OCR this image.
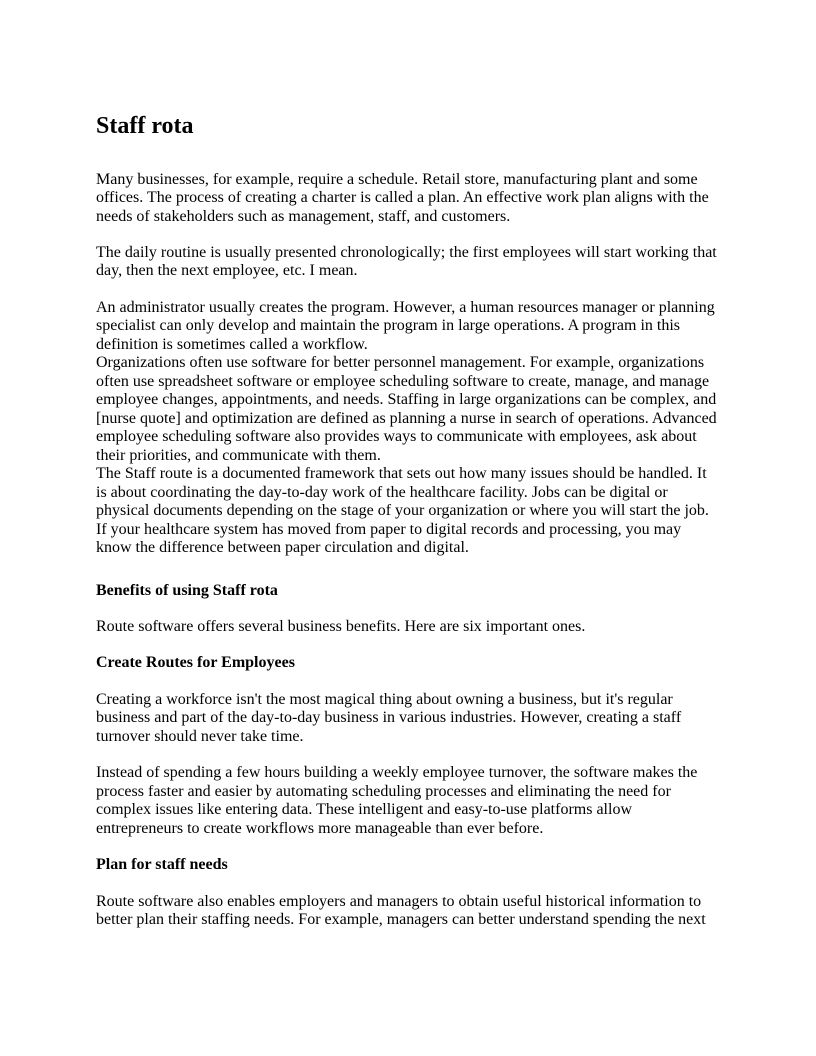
Staff rota

Many businesses, for example, require a schedule. Retail store, manufacturing plant and some offices. The process of creating a charter is called a plan. An effective work plan aligns with the needs of stakeholders such as management, staff, and customers.

The daily routine is usually presented chronologically; the first employees will start working that day, then the next employee, etc. I mean.

An administrator usually creates the program. However, a human resources manager or planning specialist can only develop and maintain the program in large operations. A program in this definition is sometimes called a workflow.

Organizations often use software for better personnel management. For example, organizations often use spreadsheet software or employee scheduling software to create, manage, and manage employee changes, appointments, and needs. Staffing in large organizations can be complex, and [nurse quote] and optimization are defined as planning a nurse in search of operations. Advanced employee scheduling software also provides ways to communicate with employees, ask about their priorities, and communicate with them.

The Staff route is a documented framework that sets out how many issues should be handled. It is about coordinating the day-to-day work of the healthcare facility. Jobs can be digital or physical documents depending on the stage of your organization or where you will start the job. If your healthcare system has moved from paper to digital records and processing, you may know the difference between paper circulation and digital.

Benefits of using Staff rota

Route software offers several business benefits. Here are six important ones.

Create Routes for Employees

Creating a workforce isn't the most magical thing about owning a business, but it's regular business and part of the day-to-day business in various industries. However, creating a staff turnover should never take time.

Instead of spending a few hours building a weekly employee turnover, the software makes the process faster and easier by automating scheduling processes and eliminating the need for complex issues like entering data. These intelligent and easy-to-use platforms allow entrepreneurs to create workflows more manageable than ever before.

Plan for staff needs

Route software also enables employers and managers to obtain useful historical information to better plan their staffing needs. For example, managers can better understand spending the next
